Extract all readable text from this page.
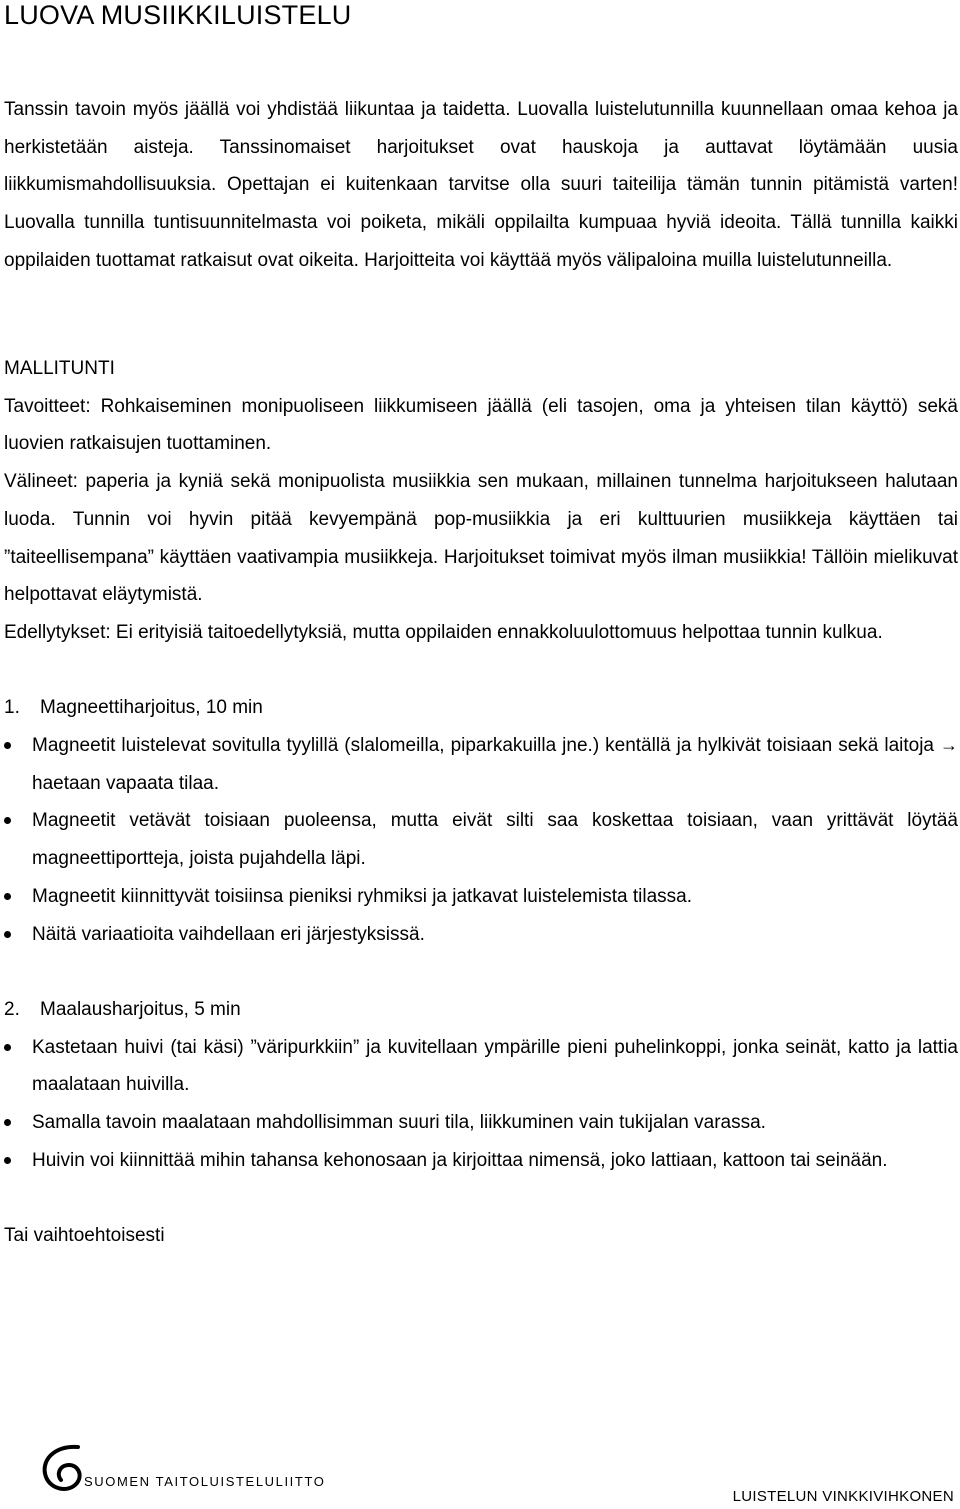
LUOVA MUSIIKKILUISTELU

Tanssin tavoin myös jäällä voi yhdistää liikuntaa ja taidetta. Luovalla luistelutunnilla kuunnellaan omaa kehoa ja herkistetään aisteja. Tanssinomaiset harjoitukset ovat hauskoja ja auttavat löytämään uusia liikkumismahdollisuuksia. Opettajan ei kuitenkaan tarvitse olla suuri taiteilija tämän tunnin pitämistä varten! Luovalla tunnilla tuntisuunnitelmasta voi poiketa, mikäli oppilailta kumpuaa hyviä ideoita. Tällä tunnilla kaikki oppilaiden tuottamat ratkaisut ovat oikeita. Harjoitteita voi käyttää myös välipaloina muilla luistelutunneilla.

MALLITUNTI

Tavoitteet: Rohkaiseminen monipuoliseen liikkumiseen jäällä (eli tasojen, oma ja yhteisen tilan käyttö) sekä luovien ratkaisujen tuottaminen.

Välineet: paperia ja kyniä sekä monipuolista musiikkia sen mukaan, millainen tunnelma harjoitukseen halutaan luoda. Tunnin voi hyvin pitää kevyempänä pop-musiikkia ja eri kulttuurien musiikkeja käyttäen tai ”taiteellisempana” käyttäen vaativampia musiikkeja. Harjoitukset toimivat myös ilman musiikkia! Tällöin mielikuvat helpottavat eläytymistä.

Edellytykset: Ei erityisiä taitoedellytyksiä, mutta oppilaiden ennakkoluulottomuus helpottaa tunnin kulkua.

1. Magneettiharjoitus, 10 min

Magneetit luistelevat sovitulla tyylillä (slalomeilla, piparkakuilla jne.) kentällä ja hylkivät toisiaan sekä laitoja → haetaan vapaata tilaa.
Magneetit vetävät toisiaan puoleensa, mutta eivät silti saa koskettaa toisiaan, vaan yrittävät löytää magneettiportteja, joista pujahdella läpi.
Magneetit kiinnittyvät toisiinsa pieniksi ryhmiksi ja jatkavat luistelemista tilassa.
Näitä variaatioita vaihdellaan eri järjestyksissä.

2. Maalausharjoitus, 5 min

Kastetaan huivi (tai käsi) ”väripurkkiin” ja kuvitellaan ympärille pieni puhelinkoppi, jonka seinät, katto ja lattia maalataan huivilla.
Samalla tavoin maalataan mahdollisimman suuri tila, liikkuminen vain tukijalan varassa.
Huivin voi kiinnittää mihin tahansa kehonosaan ja kirjoittaa nimensä, joko lattiaan, kattoon tai seinään.

Tai vaihtoehtoisesti

SUOMEN TAITOLUISTELULIITTO
LUISTELUN VINKKIVIHKONEN
